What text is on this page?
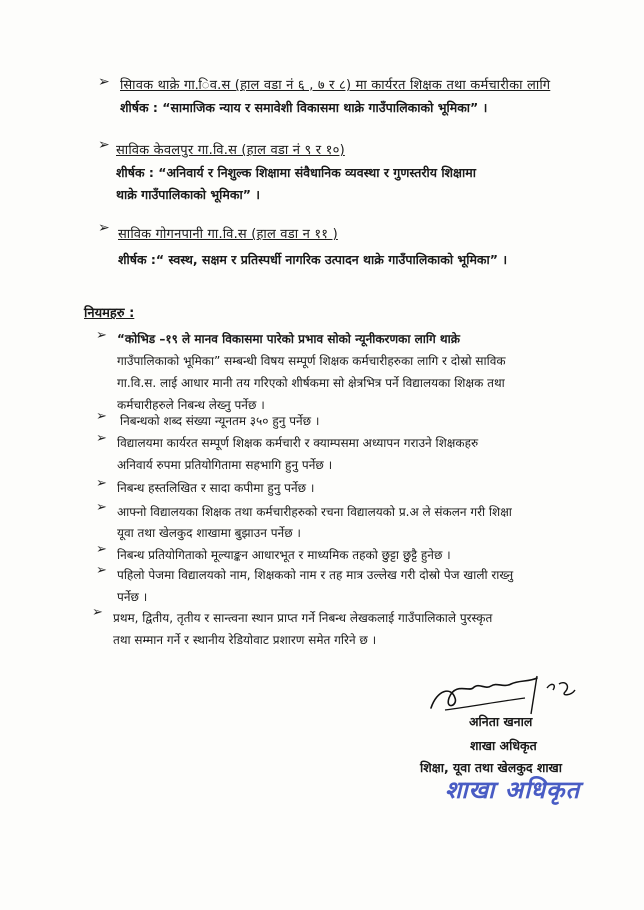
➢ सािवक थाक्रे गा.िव.स (हाल वडा नं ६ , ७ र ८) मा कार्यरत शिक्षक तथा कर्मचारीका लागि
शीर्षक : “सामाजिक न्याय र समावेशी विकासमा थाक्रे गाउँपालिकाको भूमिका” ।
➢ साविक केवलपुर गा.वि.स (हाल वडा नं ९ र १०)
शीर्षक : “अनिवार्य र निशुल्क शिक्षामा संवैधानिक व्यवस्था र गुणस्तरीय शिक्षामा
थाक्रे गाउँपालिकाको भूमिका” ।
➢ साविक गोगनपानी गा.वि.स (हाल वडा न ११ )
शीर्षक :“ स्वस्थ, सक्षम र प्रतिस्पर्धी नागरिक उत्पादन थाक्रे गाउँपालिकाको भूमिका” ।
नियमहरु :
➢ “कोभिड –१९ ले मानव विकासमा पारेको प्रभाव सोको न्यूनीकरणका लागि थाक्रे
गाउँपालिकाको भूमिका” सम्बन्धी विषय सम्पूर्ण शिक्षक कर्मचारीहरुका लागि र दोस्रो साविक
गा.वि.स. लाई आधार मानी तय गरिएको शीर्षकमा सो क्षेत्रभित्र पर्ने विद्यालयका शिक्षक तथा
कर्मचारीहरुले निबन्ध लेख्नु पर्नेछ ।
➢ निबन्धको शब्द संख्या न्यूनतम ३५० हुनु पर्नेछ ।
➢ विद्यालयमा कार्यरत सम्पूर्ण शिक्षक कर्मचारी र क्याम्पसमा अध्यापन गराउने शिक्षकहरु
अनिवार्य रुपमा प्रतियोगितामा सहभागि हुनु पर्नेछ ।
➢ निबन्ध हस्तलिखित र सादा कपीमा हुनु पर्नेछ ।
➢ आफ्नो विद्यालयका शिक्षक तथा कर्मचारीहरुको रचना विद्यालयको प्र.अ ले संकलन गरी शिक्षा
यूवा तथा खेलकुद शाखामा बुझाउन पर्नेछ ।
➢ निबन्ध प्रतियोगिताको मूल्याङ्कन आधारभूत र माध्यमिक तहको छुट्टा छुट्टै हुनेछ ।
➢ पहिलो पेजमा विद्यालयको नाम, शिक्षकको नाम र तह मात्र उल्लेख गरी दोस्रो पेज खाली राख्नु
पर्नेछ ।
➢ प्रथम, द्वितीय, तृतीय र सान्त्वना स्थान प्राप्त गर्ने निबन्ध लेखकलाई गाउँपालिकाले पुरस्कृत
तथा सम्मान गर्ने र स्थानीय रेडियोवाट प्रशारण समेत गरिने छ ।
अनिता खनाल
शाखा अधिकृत
शिक्षा, यूवा तथा खेलकुद शाखा
शाखा अधिकृत
